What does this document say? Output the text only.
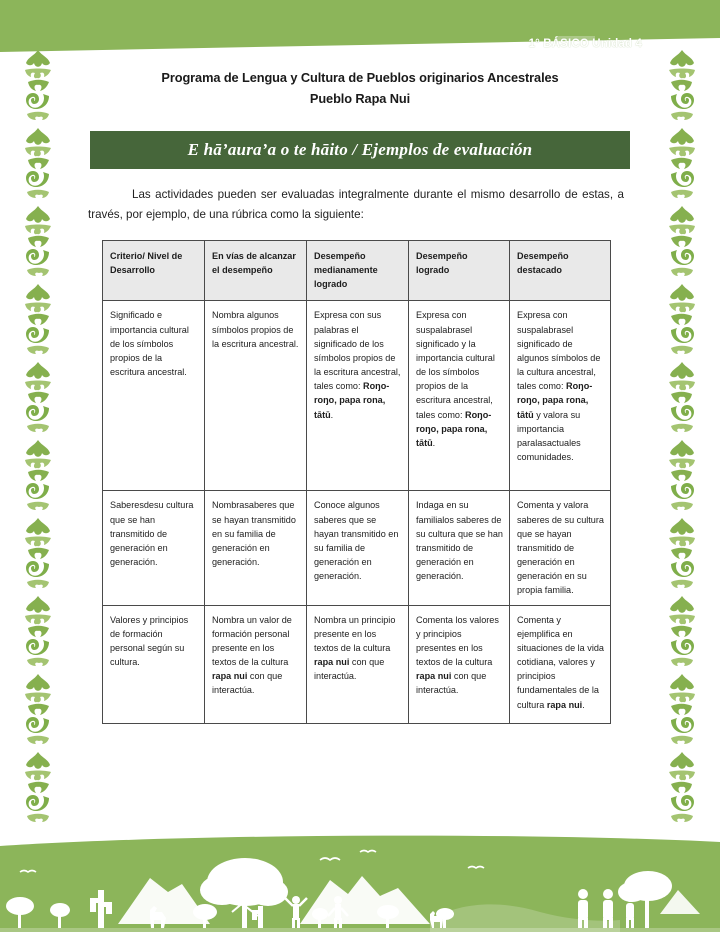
1° BÁSICO Unidad 4
Programa de Lengua y Cultura de Pueblos originarios Ancestrales
Pueblo Rapa Nui
E hā’aura’a o te hāito / Ejemplos de evaluación

Las actividades pueden ser evaluadas integralmente durante el mismo desarrollo de estas, a través, por ejemplo, de una rúbrica como la siguiente:

Criterio/ Nivel de Desarrollo	En vías de alcanzar el desempeño	Desempeño medianamente logrado	Desempeño logrado	Desempeño destacado
Significado e importancia cultural de los símbolos propios de la escritura ancestral.	Nombra algunos símbolos propios de la escritura ancestral.	Expresa con sus palabras el significado de los símbolos propios de la escritura ancestral, tales como: Roŋo-roŋo, papa rona, tātū.	Expresa con suspalabrasel significado y la importancia cultural de los símbolos propios de la escritura ancestral, tales como: Roŋo-roŋo, papa rona, tātū.	Expresa con suspalabrasel significado de algunos símbolos de la cultura ancestral, tales como: Roŋo-roŋo, papa rona, tātū y valora su importancia paralasactuales comunidades.
Saberesdesu cultura que se han transmitido de generación en generación.	Nombrasaberes que se hayan transmitido en su familia de generación en generación.	Conoce algunos saberes que se hayan transmitido en su familia de generación en generación.	Indaga en su familialos saberes de su cultura que se han transmitido de generación en generación.	Comenta y valora saberes de su cultura que se hayan transmitido de generación en generación en su propia familia.
Valores y principios de formación personal según su cultura.	Nombra un valor de formación personal presente en los textos de la cultura rapa nui con que interactúa.	Nombra un principio presente en los textos de la cultura rapa nui con que interactúa.	Comenta los valores y principios presentes en los textos de la cultura rapa nui con que interactúa.	Comenta y ejemplifica en situaciones de la vida cotidiana, valores y principios fundamentales de la cultura rapa nui.
